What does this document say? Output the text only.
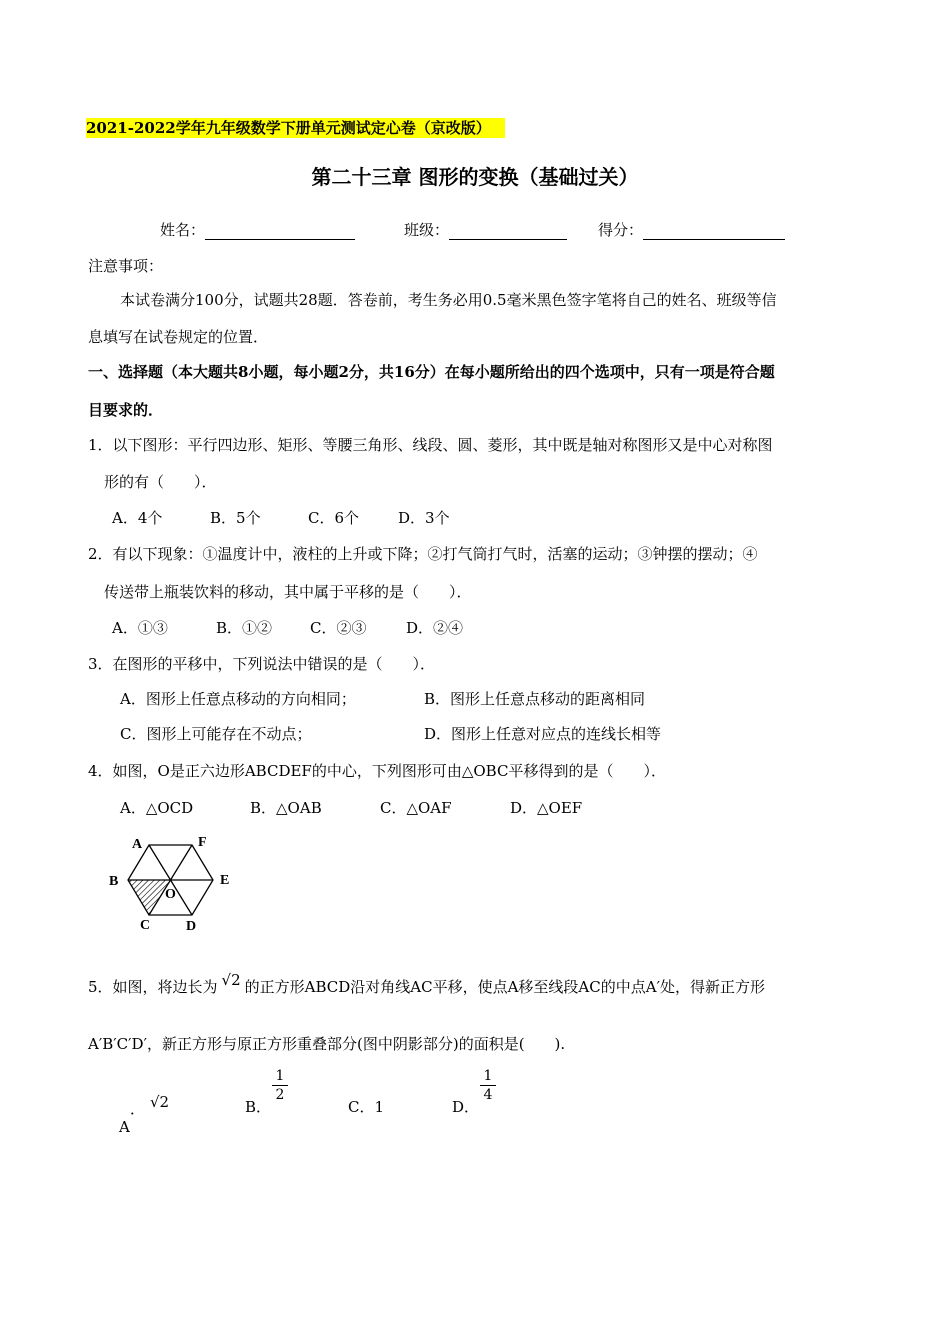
2021-2022学年九年级数学下册单元测试定心卷（京改版）
第二十三章 图形的变换（基础过关）
姓名：	班级：	得分：
注意事项：
本试卷满分100分，试题共28题．答卷前，考生务必用0.5毫米黑色签字笔将自己的姓名、班级等信
息填写在试卷规定的位置．
一、选择题（本大题共8小题，每小题2分，共16分）在每小题所给出的四个选项中，只有一项是符合题
目要求的．
1．以下图形：平行四边形、矩形、等腰三角形、线段、圆、菱形，其中既是轴对称图形又是中心对称图
形的有（　　）．
A．4个	B．5个	C．6个	D．3个
2．有以下现象：①温度计中，液柱的上升或下降；②打气筒打气时，活塞的运动；③钟摆的摆动；④
传送带上瓶装饮料的移动，其中属于平移的是（　　）．
A．①③	B．①②	C．②③	D．②④
3．在图形的平移中，下列说法中错误的是（　　）．
A．图形上任意点移动的方向相同；	B．图形上任意点移动的距离相同
C．图形上可能存在不动点；	D．图形上任意对应点的连线长相等
4．如图，O是正六边形ABCDEF的中心，下列图形可由△OBC平移得到的是（　　）．
A．△OCD	B．△OAB	C．△OAF	D．△OEF
A	F
B
O
E
C	D
5．如图，将边长为 √2 的正方形ABCD沿对角线AC平移，使点A移至线段AC的中点A′处，得新正方形
A′B′C′D′，新正方形与原正方形重叠部分(图中阴影部分)的面积是(　　).
． √2
A
B．
1
2
C．1	D．
1
4
